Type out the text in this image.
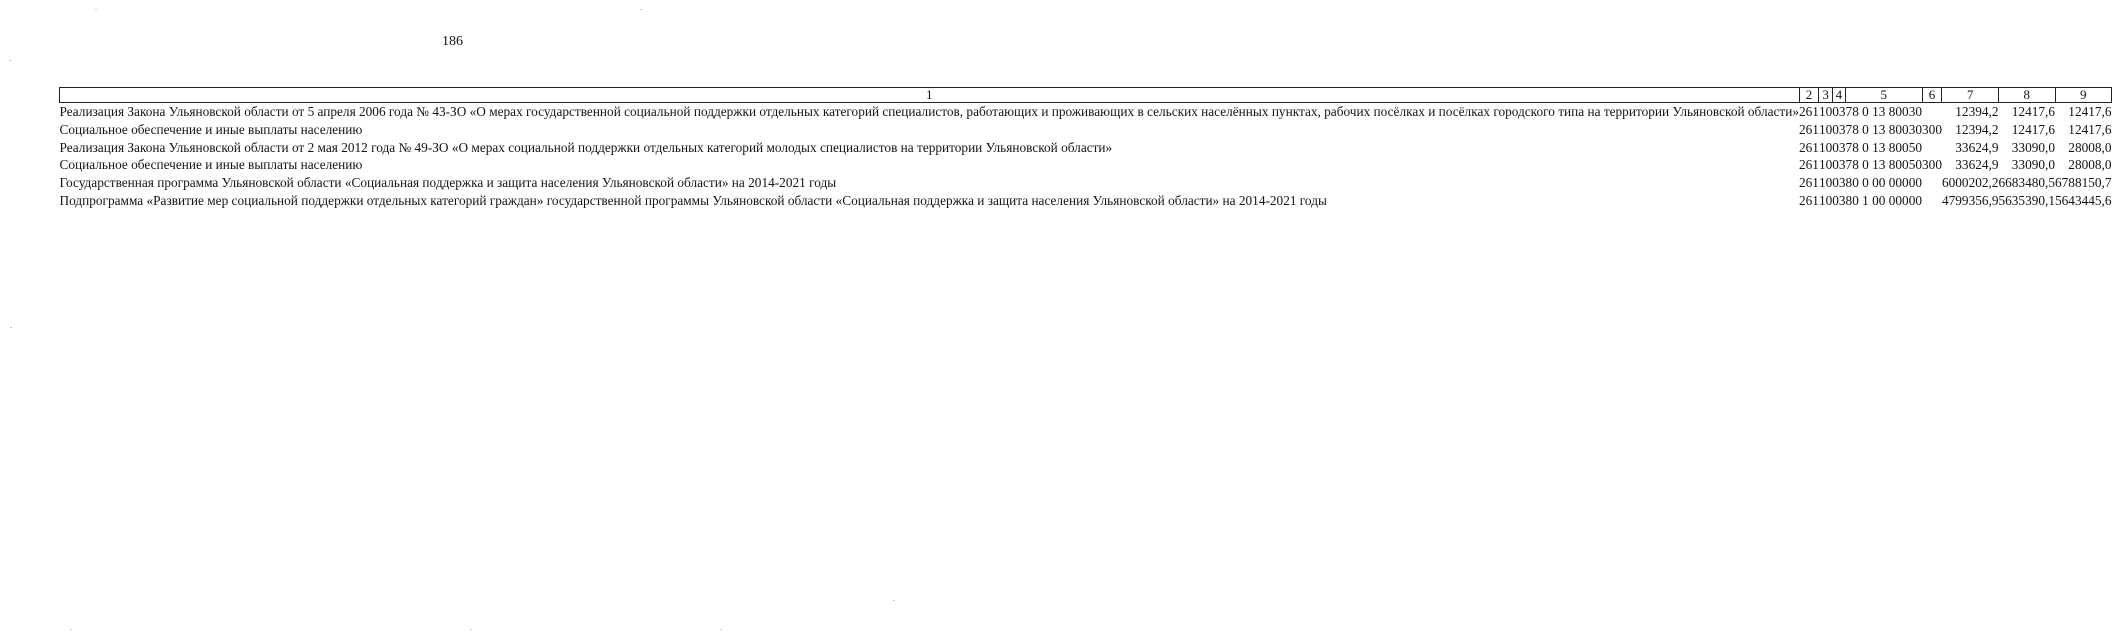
186
1	2	3	4	5	6	7	8	9
Реализация Закона Ульяновской области от 5 апреля 2006 года № 43-ЗО «О мерах государственной социальной поддержки отдельных категорий специалистов, работающих и проживающих в сельских населённых пунктах, рабочих посёлках и посёлках городского типа на территории Ульяновской области»	261	10	03	78 0 13 80030		12394,2	12417,6	12417,6
Социальное обеспечение и иные выплаты населению	261	10	03	78 0 13 80030	300	12394,2	12417,6	12417,6
Реализация Закона Ульяновской области от 2 мая 2012 года № 49-ЗО «О мерах социальной поддержки отдельных категорий молодых специалистов на территории Ульяновской области»	261	10	03	78 0 13 80050		33624,9	33090,0	28008,0
Социальное обеспечение и иные выплаты населению	261	10	03	78 0 13 80050	300	33624,9	33090,0	28008,0
Государственная программа Ульяновской области «Социальная поддержка и защита населения Ульяновской области» на 2014-2021 годы	261	10	03	80 0 00 00000		6000202,2	6683480,5	6788150,7
Подпрограмма «Развитие мер социальной поддержки отдельных категорий граждан» государственной программы Ульяновской области «Социальная поддержка и защита населения Ульяновской области» на 2014-2021 годы	261	10	03	80 1 00 00000		4799356,9	5635390,1	5643445,6
